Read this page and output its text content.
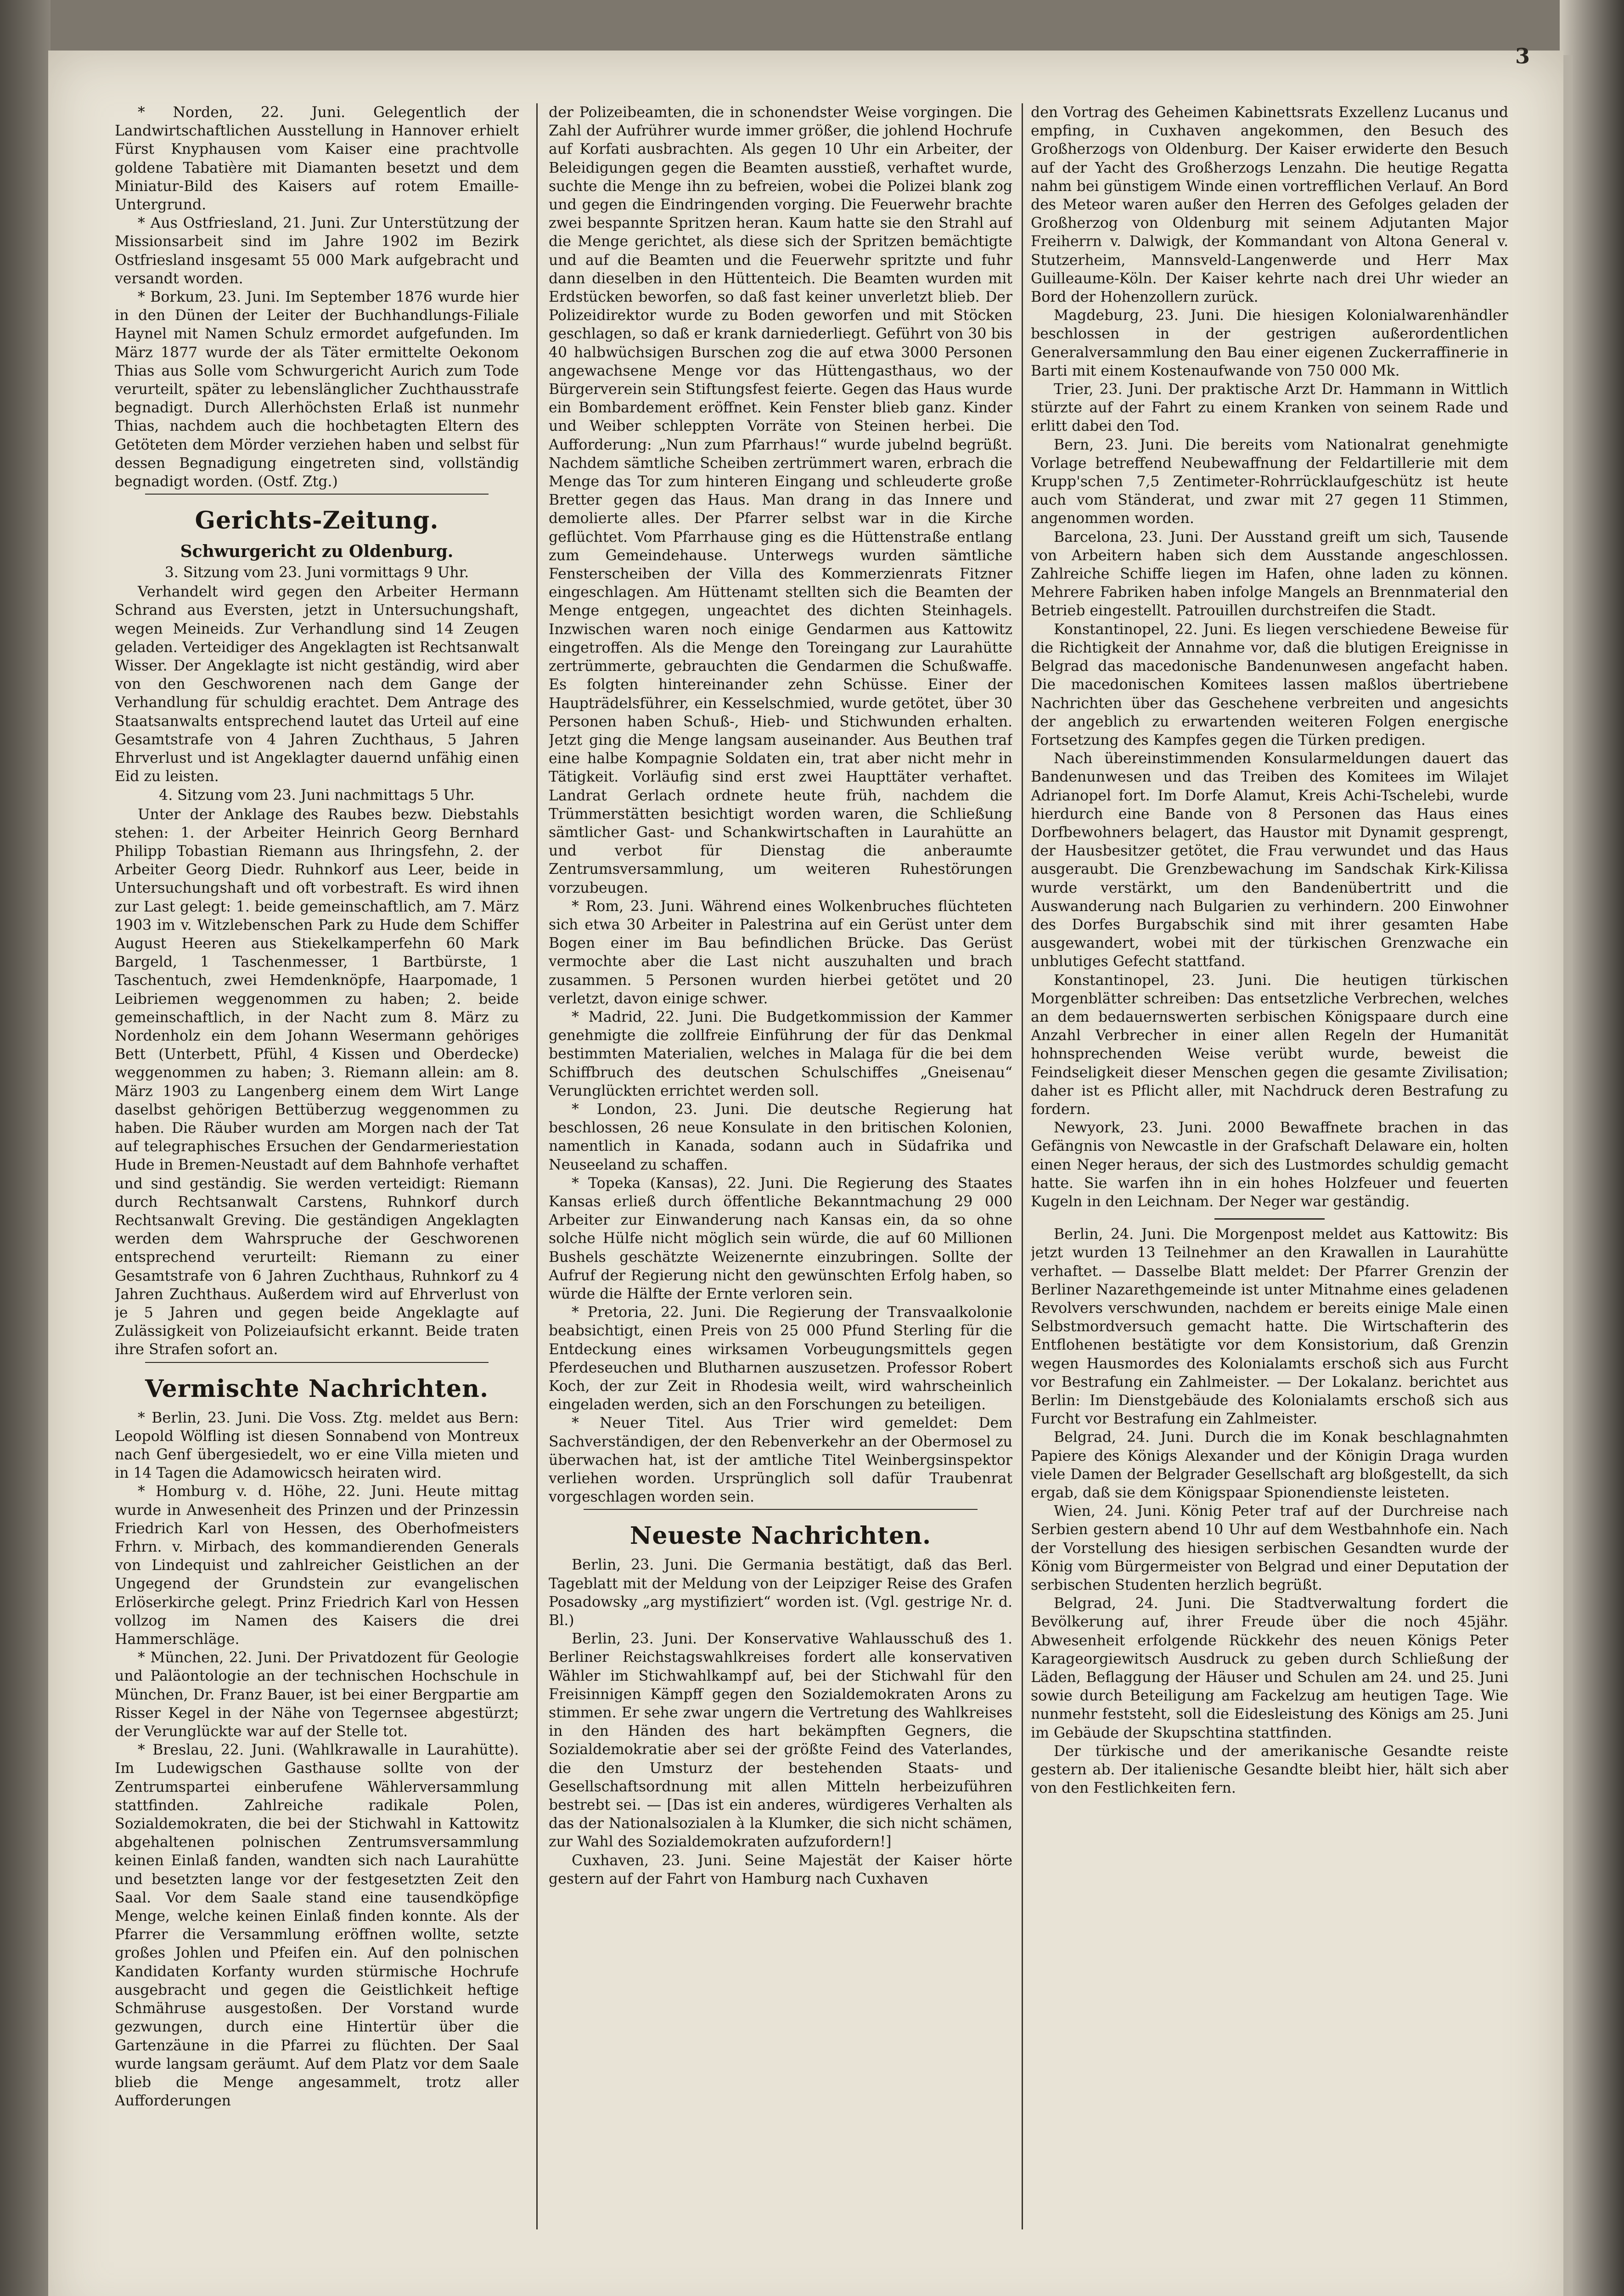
3

* Norden, 22. Juni. Gelegentlich der Landwirtschaftlichen Ausstellung in Hannover erhielt Fürst Knyphausen vom Kaiser eine prachtvolle goldene Tabatière mit Diamanten besetzt und dem Miniatur-Bild des Kaisers auf rotem Emaille-Untergrund.

* Aus Ostfriesland, 21. Juni. Zur Unterstützung der Missionsarbeit sind im Jahre 1902 im Bezirk Ostfriesland insgesamt 55 000 Mark aufgebracht und versandt worden.

* Borkum, 23. Juni. Im September 1876 wurde hier in den Dünen der Leiter der Buchhandlungs-Filiale Haynel mit Namen Schulz ermordet aufgefunden. Im März 1877 wurde der als Täter ermittelte Oekonom Thias aus Solle vom Schwurgericht Aurich zum Tode verurteilt, später zu lebenslänglicher Zuchthausstrafe begnadigt. Durch Allerhöchsten Erlaß ist nunmehr Thias, nachdem auch die hochbetagten Eltern des Getöteten dem Mörder verziehen haben und selbst für dessen Begnadigung eingetreten sind, vollständig begnadigt worden. (Ostf. Ztg.)

Gerichts-Zeitung.
Schwurgericht zu Oldenburg.
3. Sitzung vom 23. Juni vormittags 9 Uhr.

Verhandelt wird gegen den Arbeiter Hermann Schrand aus Eversten, jetzt in Untersuchungshaft, wegen Meineids. Zur Verhandlung sind 14 Zeugen geladen. Verteidiger des Angeklagten ist Rechtsanwalt Wisser. Der Angeklagte ist nicht geständig, wird aber von den Geschworenen nach dem Gange der Verhandlung für schuldig erachtet. Dem Antrage des Staatsanwalts entsprechend lautet das Urteil auf eine Gesamtstrafe von 4 Jahren Zuchthaus, 5 Jahren Ehrverlust und ist Angeklagter dauernd unfähig einen Eid zu leisten.

4. Sitzung vom 23. Juni nachmittags 5 Uhr.

Unter der Anklage des Raubes bezw. Diebstahls stehen: 1. der Arbeiter Heinrich Georg Bernhard Philipp Tobastian Riemann aus Ihringsfehn, 2. der Arbeiter Georg Diedr. Ruhnkorf aus Leer, beide in Untersuchungshaft und oft vorbestraft. Es wird ihnen zur Last gelegt: 1. beide gemeinschaftlich, am 7. März 1903 im v. Witzlebenschen Park zu Hude dem Schiffer August Heeren aus Stiekelkamperfehn 60 Mark Bargeld, 1 Taschenmesser, 1 Bartbürste, 1 Taschentuch, zwei Hemdenknöpfe, Haarpomade, 1 Leibriemen weggenommen zu haben; 2. beide gemeinschaftlich, in der Nacht zum 8. März zu Nordenholz ein dem Johann Wesermann gehöriges Bett (Unterbett, Pfühl, 4 Kissen und Oberdecke) weggenommen zu haben; 3. Riemann allein: am 8. März 1903 zu Langenberg einem dem Wirt Lange daselbst gehörigen Bettüberzug weggenommen zu haben. Die Räuber wurden am Morgen nach der Tat auf telegraphisches Ersuchen der Gendarmeriestation Hude in Bremen-Neustadt auf dem Bahnhofe verhaftet und sind geständig. Sie werden verteidigt: Riemann durch Rechtsanwalt Carstens, Ruhnkorf durch Rechtsanwalt Greving. Die geständigen Angeklagten werden dem Wahrspruche der Geschworenen entsprechend verurteilt: Riemann zu einer Gesamtstrafe von 6 Jahren Zuchthaus, Ruhnkorf zu 4 Jahren Zuchthaus. Außerdem wird auf Ehrverlust von je 5 Jahren und gegen beide Angeklagte auf Zulässigkeit von Polizeiaufsicht erkannt. Beide traten ihre Strafen sofort an.

Vermischte Nachrichten.

* Berlin, 23. Juni. Die Voss. Ztg. meldet aus Bern: Leopold Wölfling ist diesen Sonnabend von Montreux nach Genf übergesiedelt, wo er eine Villa mieten und in 14 Tagen die Adamowicsch heiraten wird.

* Homburg v. d. Höhe, 22. Juni. Heute mittag wurde in Anwesenheit des Prinzen und der Prinzessin Friedrich Karl von Hessen, des Oberhofmeisters Frhrn. v. Mirbach, des kommandierenden Generals von Lindequist und zahlreicher Geistlichen an der Ungegend der Grundstein zur evangelischen Erlöserkirche gelegt. Prinz Friedrich Karl von Hessen vollzog im Namen des Kaisers die drei Hammerschläge.

* München, 22. Juni. Der Privatdozent für Geologie und Paläontologie an der technischen Hochschule in München, Dr. Franz Bauer, ist bei einer Bergpartie am Risser Kegel in der Nähe von Tegernsee abgestürzt; der Verunglückte war auf der Stelle tot.

* Breslau, 22. Juni. (Wahlkrawalle in Laurahütte). Im Ludewigschen Gasthause sollte von der Zentrumspartei einberufene Wählerversammlung stattfinden. Zahlreiche radikale Polen, Sozialdemokraten, die bei der Stichwahl in Kattowitz abgehaltenen polnischen Zentrumsversammlung keinen Einlaß fanden, wandten sich nach Laurahütte und besetzten lange vor der festgesetzten Zeit den Saal. Vor dem Saale stand eine tausendköpfige Menge, welche keinen Einlaß finden konnte. Als der Pfarrer die Versammlung eröffnen wollte, setzte großes Johlen und Pfeifen ein. Auf den polnischen Kandidaten Korfanty wurden stürmische Hochrufe ausgebracht und gegen die Geistlichkeit heftige Schmähruse ausgestoßen. Der Vorstand wurde gezwungen, durch eine Hintertür über die Gartenzäune in die Pfarrei zu flüchten. Der Saal wurde langsam geräumt. Auf dem Platz vor dem Saale blieb die Menge angesammelt, trotz aller Aufforderungen

der Polizeibeamten, die in schonendster Weise vorgingen. Die Zahl der Aufrührer wurde immer größer, die johlend Hochrufe auf Korfati ausbrachten. Als gegen 10 Uhr ein Arbeiter, der Beleidigungen gegen die Beamten ausstieß, verhaftet wurde, suchte die Menge ihn zu befreien, wobei die Polizei blank zog und gegen die Eindringenden vorging. Die Feuerwehr brachte zwei bespannte Spritzen heran. Kaum hatte sie den Strahl auf die Menge gerichtet, als diese sich der Spritzen bemächtigte und auf die Beamten und die Feuerwehr spritzte und fuhr dann dieselben in den Hüttenteich. Die Beamten wurden mit Erdstücken beworfen, so daß fast keiner unverletzt blieb. Der Polizeidirektor wurde zu Boden geworfen und mit Stöcken geschlagen, so daß er krank darniederliegt. Geführt von 30 bis 40 halbwüchsigen Burschen zog die auf etwa 3000 Personen angewachsene Menge vor das Hüttengasthaus, wo der Bürgerverein sein Stiftungsfest feierte. Gegen das Haus wurde ein Bombardement eröffnet. Kein Fenster blieb ganz. Kinder und Weiber schleppten Vorräte von Steinen herbei. Die Aufforderung: „Nun zum Pfarrhaus!“ wurde jubelnd begrüßt. Nachdem sämtliche Scheiben zertrümmert waren, erbrach die Menge das Tor zum hinteren Eingang und schleuderte große Bretter gegen das Haus. Man drang in das Innere und demolierte alles. Der Pfarrer selbst war in die Kirche geflüchtet. Vom Pfarrhause ging es die Hüttenstraße entlang zum Gemeindehause. Unterwegs wurden sämtliche Fensterscheiben der Villa des Kommerzienrats Fitzner eingeschlagen. Am Hüttenamt stellten sich die Beamten der Menge entgegen, ungeachtet des dichten Steinhagels. Inzwischen waren noch einige Gendarmen aus Kattowitz eingetroffen. Als die Menge den Toreingang zur Laurahütte zertrümmerte, gebrauchten die Gendarmen die Schußwaffe. Es folgten hintereinander zehn Schüsse. Einer der Haupträdelsführer, ein Kesselschmied, wurde getötet, über 30 Personen haben Schuß-, Hieb- und Stichwunden erhalten. Jetzt ging die Menge langsam auseinander. Aus Beuthen traf eine halbe Kompagnie Soldaten ein, trat aber nicht mehr in Tätigkeit. Vorläufig sind erst zwei Haupttäter verhaftet. Landrat Gerlach ordnete heute früh, nachdem die Trümmerstätten besichtigt worden waren, die Schließung sämtlicher Gast- und Schankwirtschaften in Laurahütte an und verbot für Dienstag die anberaumte Zentrumsversammlung, um weiteren Ruhestörungen vorzubeugen.

* Rom, 23. Juni. Während eines Wolkenbruches flüchteten sich etwa 30 Arbeiter in Palestrina auf ein Gerüst unter dem Bogen einer im Bau befindlichen Brücke. Das Gerüst vermochte aber die Last nicht auszuhalten und brach zusammen. 5 Personen wurden hierbei getötet und 20 verletzt, davon einige schwer.

* Madrid, 22. Juni. Die Budgetkommission der Kammer genehmigte die zollfreie Einführung der für das Denkmal bestimmten Materialien, welches in Malaga für die bei dem Schiffbruch des deutschen Schulschiffes „Gneisenau“ Verunglückten errichtet werden soll.

* London, 23. Juni. Die deutsche Regierung hat beschlossen, 26 neue Konsulate in den britischen Kolonien, namentlich in Kanada, sodann auch in Südafrika und Neuseeland zu schaffen.

* Topeka (Kansas), 22. Juni. Die Regierung des Staates Kansas erließ durch öffentliche Bekanntmachung 29 000 Arbeiter zur Einwanderung nach Kansas ein, da so ohne solche Hülfe nicht möglich sein würde, die auf 60 Millionen Bushels geschätzte Weizenernte einzubringen. Sollte der Aufruf der Regierung nicht den gewünschten Erfolg haben, so würde die Hälfte der Ernte verloren sein.

* Pretoria, 22. Juni. Die Regierung der Transvaalkolonie beabsichtigt, einen Preis von 25 000 Pfund Sterling für die Entdeckung eines wirksamen Vorbeugungsmittels gegen Pferdeseuchen und Blutharnen auszusetzen. Professor Robert Koch, der zur Zeit in Rhodesia weilt, wird wahrscheinlich eingeladen werden, sich an den Forschungen zu beteiligen.

* Neuer Titel. Aus Trier wird gemeldet: Dem Sachverständigen, der den Rebenverkehr an der Obermosel zu überwachen hat, ist der amtliche Titel Weinbergsinspektor verliehen worden. Ursprünglich soll dafür Traubenrat vorgeschlagen worden sein.

Neueste Nachrichten.

Berlin, 23. Juni. Die Germania bestätigt, daß das Berl. Tageblatt mit der Meldung von der Leipziger Reise des Grafen Posadowsky „arg mystifiziert“ worden ist. (Vgl. gestrige Nr. d. Bl.)

Berlin, 23. Juni. Der Konservative Wahlausschuß des 1. Berliner Reichstagswahlkreises fordert alle konservativen Wähler im Stichwahlkampf auf, bei der Stichwahl für den Freisinnigen Kämpff gegen den Sozialdemokraten Arons zu stimmen. Er sehe zwar ungern die Vertretung des Wahlkreises in den Händen des hart bekämpften Gegners, die Sozialdemokratie aber sei der größte Feind des Vaterlandes, die den Umsturz der bestehenden Staats- und Gesellschaftsordnung mit allen Mitteln herbeizuführen bestrebt sei. — [Das ist ein anderes, würdigeres Verhalten als das der Nationalsozialen à la Klumker, die sich nicht schämen, zur Wahl des Sozialdemokraten aufzufordern!]

Cuxhaven, 23. Juni. Seine Majestät der Kaiser hörte gestern auf der Fahrt von Hamburg nach Cuxhaven

den Vortrag des Geheimen Kabinettsrats Exzellenz Lucanus und empfing, in Cuxhaven angekommen, den Besuch des Großherzogs von Oldenburg. Der Kaiser erwiderte den Besuch auf der Yacht des Großherzogs Lenzahn. Die heutige Regatta nahm bei günstigem Winde einen vortrefflichen Verlauf. An Bord des Meteor waren außer den Herren des Gefolges geladen der Großherzog von Oldenburg mit seinem Adjutanten Major Freiherrn v. Dalwigk, der Kommandant von Altona General v. Stutzerheim, Mannsveld-Langenwerde und Herr Max Guilleaume-Köln. Der Kaiser kehrte nach drei Uhr wieder an Bord der Hohenzollern zurück.

Magdeburg, 23. Juni. Die hiesigen Kolonialwarenhändler beschlossen in der gestrigen außerordentlichen Generalversammlung den Bau einer eigenen Zuckerraffinerie in Barti mit einem Kostenaufwande von 750 000 Mk.

Trier, 23. Juni. Der praktische Arzt Dr. Hammann in Wittlich stürzte auf der Fahrt zu einem Kranken von seinem Rade und erlitt dabei den Tod.

Bern, 23. Juni. Die bereits vom Nationalrat genehmigte Vorlage betreffend Neubewaffnung der Feldartillerie mit dem Krupp'schen 7,5 Zentimeter-Rohrrücklaufgeschütz ist heute auch vom Ständerat, und zwar mit 27 gegen 11 Stimmen, angenommen worden.

Barcelona, 23. Juni. Der Ausstand greift um sich, Tausende von Arbeitern haben sich dem Ausstande angeschlossen. Zahlreiche Schiffe liegen im Hafen, ohne laden zu können. Mehrere Fabriken haben infolge Mangels an Brennmaterial den Betrieb eingestellt. Patrouillen durchstreifen die Stadt.

Konstantinopel, 22. Juni. Es liegen verschiedene Beweise für die Richtigkeit der Annahme vor, daß die blutigen Ereignisse in Belgrad das macedonische Bandenunwesen angefacht haben. Die macedonischen Komitees lassen maßlos übertriebene Nachrichten über das Geschehene verbreiten und angesichts der angeblich zu erwartenden weiteren Folgen energische Fortsetzung des Kampfes gegen die Türken predigen.

Nach übereinstimmenden Konsularmeldungen dauert das Bandenunwesen und das Treiben des Komitees im Wilajet Adrianopel fort. Im Dorfe Alamut, Kreis Achi-Tschelebi, wurde hierdurch eine Bande von 8 Personen das Haus eines Dorfbewohners belagert, das Haustor mit Dynamit gesprengt, der Hausbesitzer getötet, die Frau verwundet und das Haus ausgeraubt. Die Grenzbewachung im Sandschak Kirk-Kilissa wurde verstärkt, um den Bandenübertritt und die Auswanderung nach Bulgarien zu verhindern. 200 Einwohner des Dorfes Burgabschik sind mit ihrer gesamten Habe ausgewandert, wobei mit der türkischen Grenzwache ein unblutiges Gefecht stattfand.

Konstantinopel, 23. Juni. Die heutigen türkischen Morgenblätter schreiben: Das entsetzliche Verbrechen, welches an dem bedauernswerten serbischen Königspaare durch eine Anzahl Verbrecher in einer allen Regeln der Humanität hohnsprechenden Weise verübt wurde, beweist die Feindseligkeit dieser Menschen gegen die gesamte Zivilisation; daher ist es Pflicht aller, mit Nachdruck deren Bestrafung zu fordern.

Newyork, 23. Juni. 2000 Bewaffnete brachen in das Gefängnis von Newcastle in der Grafschaft Delaware ein, holten einen Neger heraus, der sich des Lustmordes schuldig gemacht hatte. Sie warfen ihn in ein hohes Holzfeuer und feuerten Kugeln in den Leichnam. Der Neger war geständig.

Berlin, 24. Juni. Die Morgenpost meldet aus Kattowitz: Bis jetzt wurden 13 Teilnehmer an den Krawallen in Laurahütte verhaftet. — Dasselbe Blatt meldet: Der Pfarrer Grenzin der Berliner Nazarethgemeinde ist unter Mitnahme eines geladenen Revolvers verschwunden, nachdem er bereits einige Male einen Selbstmordversuch gemacht hatte. Die Wirtschafterin des Entflohenen bestätigte vor dem Konsistorium, daß Grenzin wegen Hausmordes des Kolonialamts erschoß sich aus Furcht vor Bestrafung ein Zahlmeister. — Der Lokalanz. berichtet aus Berlin: Im Dienstgebäude des Kolonialamts erschoß sich aus Furcht vor Bestrafung ein Zahlmeister.

Belgrad, 24. Juni. Durch die im Konak beschlagnahmten Papiere des Königs Alexander und der Königin Draga wurden viele Damen der Belgrader Gesellschaft arg bloßgestellt, da sich ergab, daß sie dem Königspaar Spionendienste leisteten.

Wien, 24. Juni. König Peter traf auf der Durchreise nach Serbien gestern abend 10 Uhr auf dem Westbahnhofe ein. Nach der Vorstellung des hiesigen serbischen Gesandten wurde der König vom Bürgermeister von Belgrad und einer Deputation der serbischen Studenten herzlich begrüßt.

Belgrad, 24. Juni. Die Stadtverwaltung fordert die Bevölkerung auf, ihrer Freude über die noch 45jähr. Abwesenheit erfolgende Rückkehr des neuen Königs Peter Karageorgiewitsch Ausdruck zu geben durch Schließung der Läden, Beflaggung der Häuser und Schulen am 24. und 25. Juni sowie durch Beteiligung am Fackelzug am heutigen Tage. Wie nunmehr feststeht, soll die Eidesleistung des Königs am 25. Juni im Gebäude der Skupschtina stattfinden.

Der türkische und der amerikanische Gesandte reiste gestern ab. Der italienische Gesandte bleibt hier, hält sich aber von den Festlichkeiten fern.
